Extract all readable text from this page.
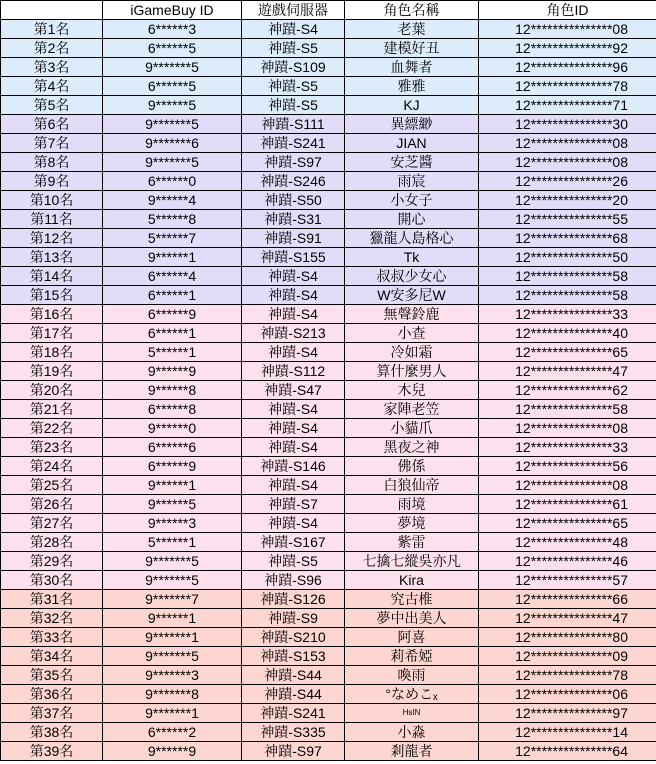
	iGameBuy ID	遊戲伺服器	角色名稱	角色ID
第1名	6******3	神蹟-S4	老葉	12***************08
第2名	6******5	神蹟-S5	建模好丑	12***************92
第3名	9*******5	神蹟-S109	血舞者	12***************96
第4名	6******5	神蹟-S5	雅雅	12***************78
第5名	9******5	神蹟-S5	KJ	12***************71
第6名	9*******5	神蹟-S111	異縹緲	12***************30
第7名	9*******6	神蹟-S241	JIAN	12***************08
第8名	9*******5	神蹟-S97	安芝醬	12***************08
第9名	6******0	神蹟-S246	雨宸	12***************26
第10名	9******4	神蹟-S50	小女子	12***************20
第11名	5******8	神蹟-S31	開心	12***************55
第12名	5******7	神蹟-S91	獵龍人島格心	12***************68
第13名	9******1	神蹟-S155	Tk	12***************50
第14名	6******4	神蹟-S4	叔叔少女心	12***************58
第15名	6******1	神蹟-S4	W安多尼W	12***************58
第16名	6******9	神蹟-S4	無聲鈴鹿	12***************33
第17名	6******1	神蹟-S213	小查	12***************40
第18名	5******1	神蹟-S4	冷如霜	12***************65
第19名	9******9	神蹟-S112	算什麼男人	12***************47
第20名	9******8	神蹟-S47	木兒	12***************62
第21名	6******8	神蹟-S4	家陣老笠	12***************58
第22名	9******0	神蹟-S4	小貓爪	12***************08
第23名	6******6	神蹟-S4	黑夜之神	12***************33
第24名	6******9	神蹟-S146	佛係	12***************56
第25名	9******1	神蹟-S4	白狼仙帝	12***************08
第26名	9******5	神蹟-S7	雨境	12***************61
第27名	9******3	神蹟-S4	夢境	12***************65
第28名	5******1	神蹟-S167	紫雷	12***************48
第29名	9*******5	神蹟-S5	七擒七縱吳亦凡	12***************46
第30名	9*******5	神蹟-S96	Kira	12***************57
第31名	9*******7	神蹟-S126	究古椎	12***************66
第32名	9******1	神蹟-S9	夢中出美人	12***************47
第33名	9*******1	神蹟-S210	阿喜	12***************80
第34名	9*******5	神蹟-S153	莉希婭	12***************09
第35名	9*******3	神蹟-S44	喚雨	12***************78
第36名	9*******8	神蹟-S44	°なめこₓ	12***************06
第37名	9*******1	神蹟-S241	HsIN	12***************97
第38名	6******2	神蹟-S335	小淼	12***************14
第39名	9******9	神蹟-S97	剎龍者	12***************64
